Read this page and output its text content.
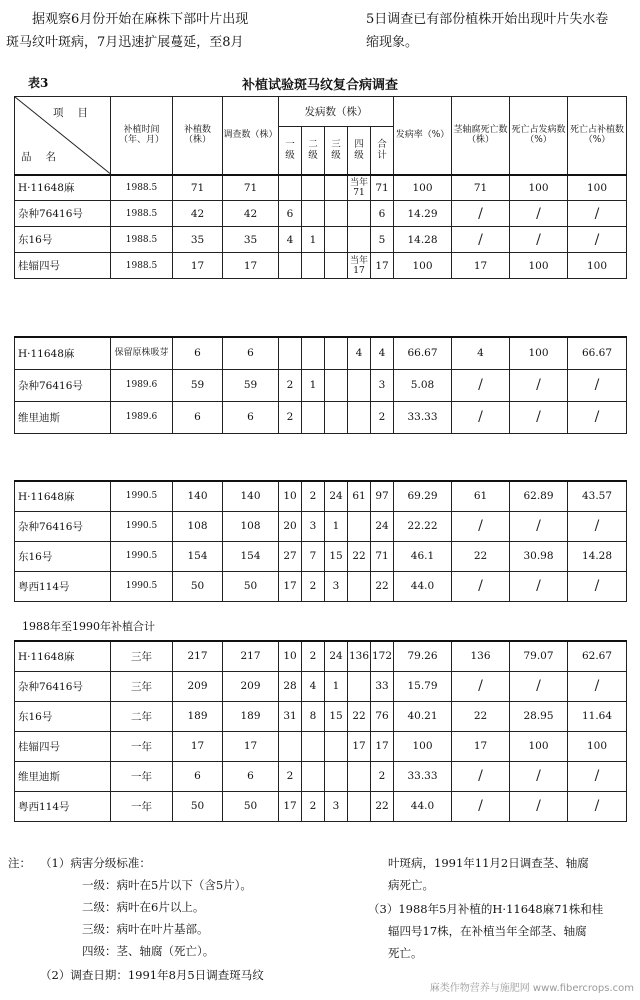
据观察6月份开始在麻株下部叶片出现
斑马纹叶斑病，7月迅速扩展蔓延，至8月
5日调查已有部份植株开始出现叶片失水卷
缩现象。
表3	补植试验斑马纹复合病调查
项目
品名	补植时间（年、月）	补植数（株）	调查数（株）	发病数（株）					发病率（%）	茎轴腐死亡数（株）	死亡占发病数（%）	死亡占补植数（%）
				一级	二级	三级	四级	合计				
H·11648麻	1988.5	71	71				当年71	71	100	71	100	100
杂种76416号	1988.5	42	42	6				6	14.29	/	/	/
东16号	1988.5	35	35	4	1			5	14.28	/	/	/
桂辐四号	1988.5	17	17				当年17	17	100	17	100	100
H·11648麻	保留原株吸芽	6	6				4	4	66.67	4	100	66.67
杂种76416号	1989.6	59	59	2	1			3	5.08	/	/	/
维里迪斯	1989.6	6	6	2				2	33.33	/	/	/
H·11648麻	1990.5	140	140	10	2	24	61	97	69.29	61	62.89	43.57
杂种76416号	1990.5	108	108	20	3	1		24	22.22	/	/	/
东16号	1990.5	154	154	27	7	15	22	71	46.1	22	30.98	14.28
粤西114号	1990.5	50	50	17	2	3		22	44.0	/	/	/
1988年至1990年补植合计
H·11648麻	三年	217	217	10	2	24	136	172	79.26	136	79.07	62.67
杂种76416号	三年	209	209	28	4	1		33	15.79	/	/	/
东16号	二年	189	189	31	8	15	22	76	40.21	22	28.95	11.64
桂辐四号	一年	17	17				17	17	100	17	100	100
维里迪斯	一年	6	6	2				2	33.33	/	/	/
粤西114号	一年	50	50	17	2	3		22	44.0	/	/	/
注： （1）病害分级标准：
一级：病叶在5片以下（含5片）。
二级：病叶在6片以上。
三级：病叶在叶片基部。
四级：茎、轴腐（死亡）。
（2）调查日期：1991年8月5日调查斑马纹
叶斑病，1991年11月2日调查茎、轴腐
病死亡。
（3）1988年5月补植的H·11648麻71株和桂
辐四号17株，在补植当年全部茎、轴腐
死亡。
麻类作物营养与施肥网 www.fibercrops.com
